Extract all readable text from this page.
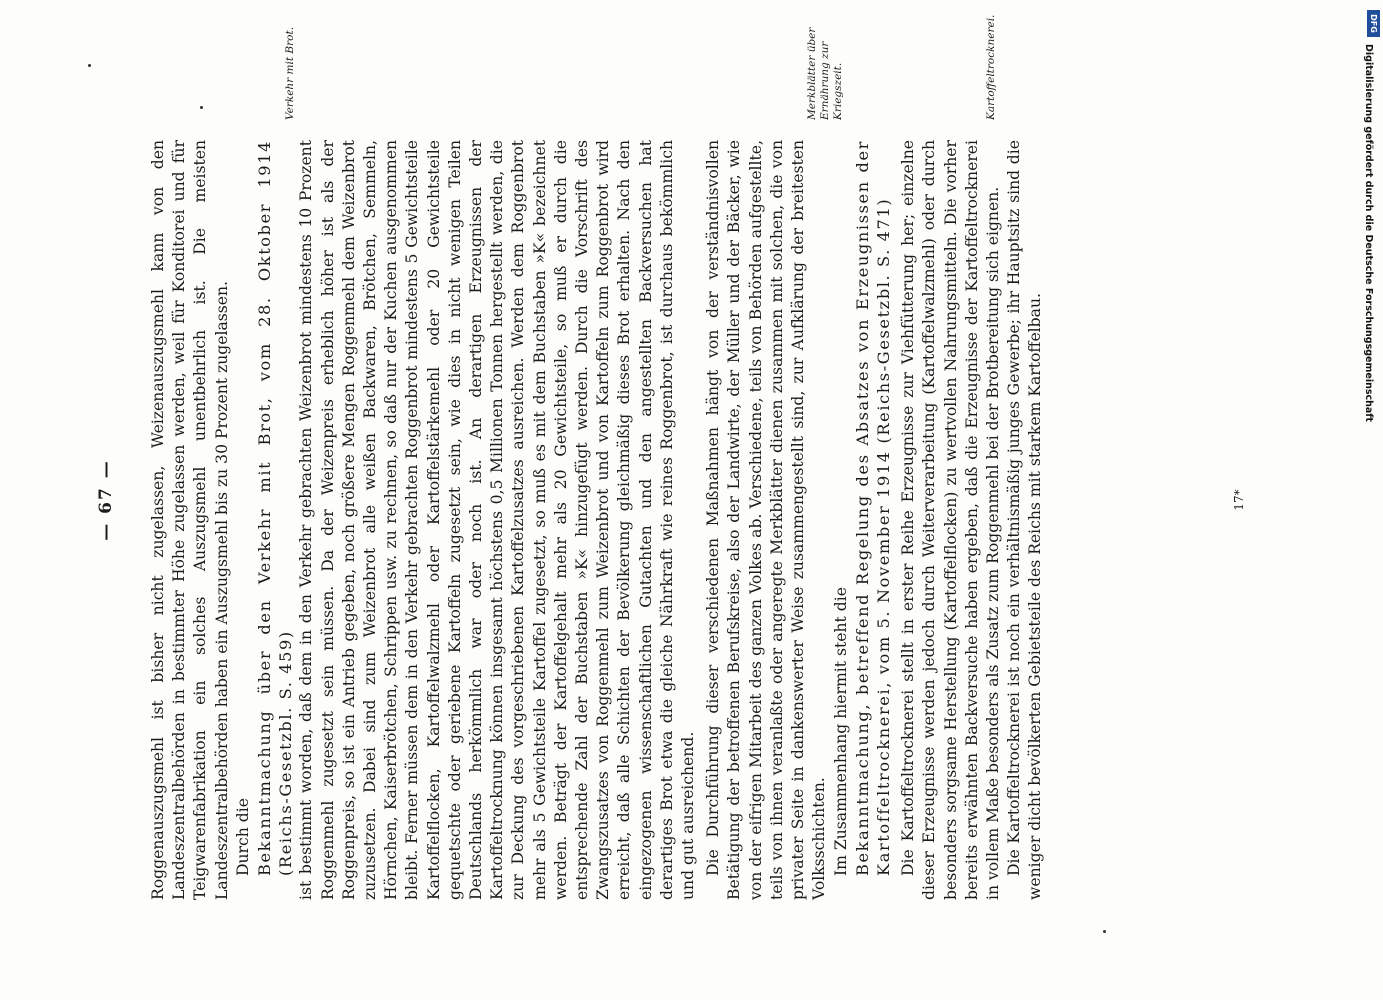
— 67 — Roggenauszugsmehl ist bisher nicht zugelassen, Weizenauszugsmehl kann von den Landeszentralbehörden in bestimmter Höhe zugelassen werden, weil für Konditorei und für Teigwarenfabrikation ein solches Auszugsmehl unentbehrlich ist. Die meisten Landeszentralbehörden haben ein Auszugsmehl bis zu 30 Prozent zugelassen. Durch die Bekanntmachung über den Verkehr mit Brot, vom 28. Oktober 1914 (Reichs-Gesetzbl. S. 459) ist bestimmt worden, daß dem in den Verkehr gebrachten Weizenbrot mindestens 10 Prozent Roggenmehl zugesetzt sein müssen. Da der Weizenpreis erheblich höher ist als der Roggenpreis, so ist ein Antrieb gegeben, noch größere Mengen Roggenmehl dem Weizenbrot zuzusetzen. Dabei sind zum Weizenbrot alle weißen Backwaren, Brötchen, Semmeln, Hörnchen, Kaiserbrötchen, Schrippen usw. zu rechnen, so daß nur der Kuchen ausgenommen bleibt. Ferner müssen dem in den Verkehr gebrachten Roggenbrot mindestens 5 Gewichtsteile Kartoffelflocken, Kartoffelwalzmehl oder Kartoffelstärkemehl oder 20 Gewichtsteile gequetschte oder geriebene Kartoffeln zugesetzt sein, wie dies in nicht wenigen Teilen Deutschlands herkömmlich war oder noch ist. An derartigen Erzeugnissen der Kartoffeltrocknung können insgesamt höchstens 0,5 Millionen Tonnen hergestellt werden, die zur Deckung des vorgeschriebenen Kartoffelzusatzes ausreichen. Werden dem Roggenbrot mehr als 5 Gewichtsteile Kartoffel zugesetzt, so muß es mit dem Buchstaben »K« bezeichnet werden. Beträgt der Kartoffelgehalt mehr als 20 Gewichtsteile, so muß er durch die entsprechende Zahl der Buchstaben »K« hinzugefügt werden. Durch die Vorschrift des Zwangszusatzes von Roggenmehl zum Weizenbrot und von Kartoffeln zum Roggenbrot wird erreicht, daß alle Schichten der Bevölkerung gleichmäßig dieses Brot erhalten. Nach den eingezogenen wissenschaftlichen Gutachten und den angestellten Backversuchen hat derartiges Brot etwa die gleiche Nährkraft wie reines Roggenbrot, ist durchaus bekömmlich und gut ausreichend. Die Durchführung dieser verschiedenen Maßnahmen hängt von der verständnisvollen Betätigung der betroffenen Berufskreise, also der Landwirte, der Müller und der Bäcker, wie von der eifrigen Mitarbeit des ganzen Volkes ab. Verschiedene, teils von Behörden aufgestellte, teils von ihnen veranlaßte oder angeregte Merkblätter dienen zusammen mit solchen, die von privater Seite in dankenswerter Weise zusammengestellt sind, zur Aufklärung der breitesten Volksschichten. Im Zusammenhang hiermit steht die Bekanntmachung, betreffend Regelung des Absatzes von Erzeugnissen der Kartoffeltrocknerei, vom 5. November 1914 (Reichs-Gesetzbl. S. 471) Die Kartoffeltrocknerei stellt in erster Reihe Erzeugnisse zur Viehfütterung her; einzelne dieser Erzeugnisse werden jedoch durch Weiterverarbeitung (Kartoffelwalzmehl) oder durch besonders sorgsame Herstellung (Kartoffelflocken) zu wertvollen Nahrungsmitteln. Die vorher bereits erwähnten Backversuche haben ergeben, daß die Erzeugnisse der Kartoffeltrocknerei in vollem Maße besonders als Zusatz zum Roggenmehl bei der Brotbereitung sich eignen. Die Kartoffeltrocknerei ist noch ein verhältnismäßig junges Gewerbe; ihr Hauptsitz sind die weniger dicht bevölkerten Gebietsteile des Reichs mit starkem Kartoffelbau.

Verkehr mit Brot.	Merkblätter über Ernährung zur Kriegszeit.	Kartoffeltrocknerei.
17*
DFG
Digitalisierung gefördert durch die Deutsche Forschungsgemeinschaft
